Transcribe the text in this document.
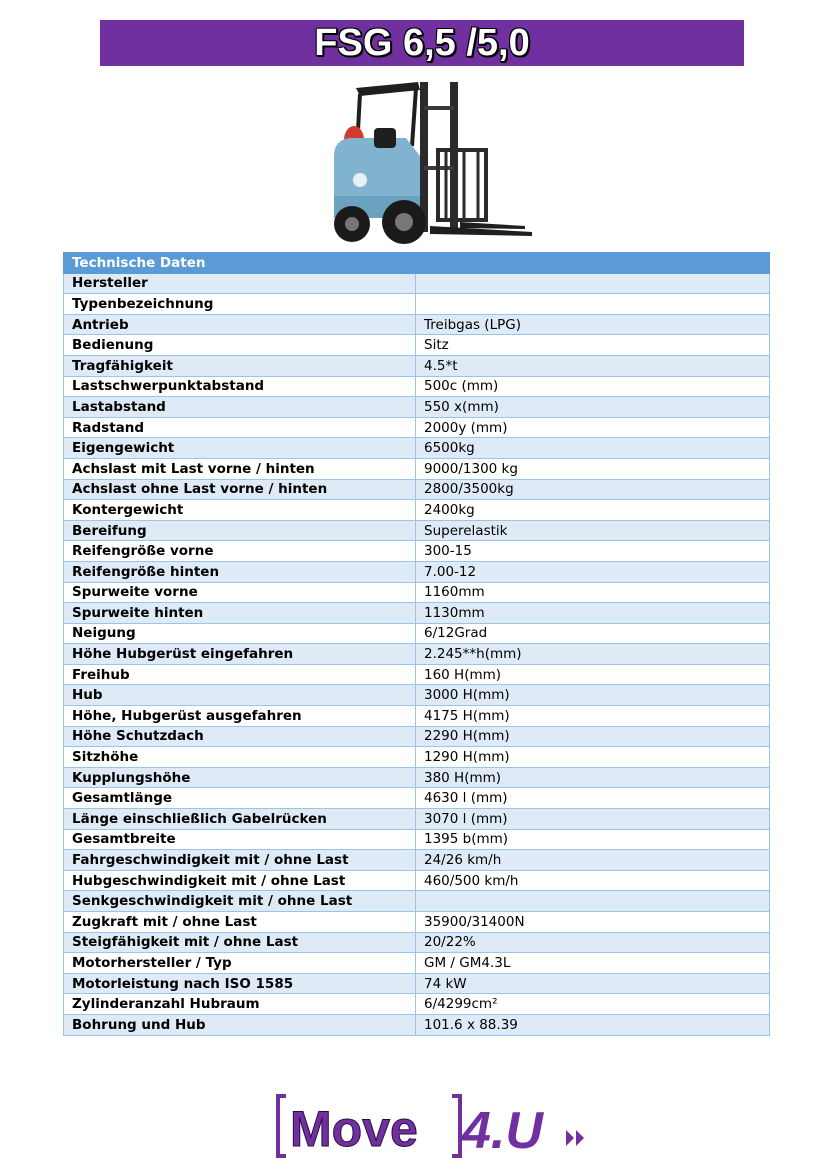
FSG 6,5 /5,0
Technische Daten	
Hersteller	
Typenbezeichnung	
Antrieb	Treibgas (LPG)
Bedienung	Sitz
Tragfähigkeit	4.5*t
Lastschwerpunktabstand	500c (mm)
Lastabstand	550 x(mm)
Radstand	2000y (mm)
Eigengewicht	6500kg
Achslast mit Last vorne / hinten	9000/1300 kg
Achslast ohne Last vorne / hinten	2800/3500kg
Kontergewicht	2400kg
Bereifung	Superelastik
Reifengröße vorne	300-15
Reifengröße hinten	7.00-12
Spurweite vorne	1160mm
Spurweite hinten	1130mm
Neigung	6/12Grad
Höhe Hubgerüst eingefahren	2.245**h(mm)
Freihub	160 H(mm)
Hub	3000 H(mm)
Höhe, Hubgerüst ausgefahren	4175 H(mm)
Höhe Schutzdach	2290 H(mm)
Sitzhöhe	1290 H(mm)
Kupplungshöhe	380 H(mm)
Gesamtlänge	4630 l (mm)
Länge einschließlich Gabelrücken	3070 l (mm)
Gesamtbreite	1395 b(mm)
Fahrgeschwindigkeit mit / ohne Last	24/26 km/h
Hubgeschwindigkeit mit / ohne Last	460/500 km/h
Senkgeschwindigkeit mit / ohne Last	
Zugkraft mit / ohne Last	35900/31400N
Steigfähigkeit mit / ohne Last	20/22%
Motorhersteller / Typ	GM / GM4.3L
Motorleistung nach ISO 1585	74 kW
Zylinderanzahl Hubraum	6/4299cm²
Bohrung und Hub	101.6 x 88.39
Move 4.U
